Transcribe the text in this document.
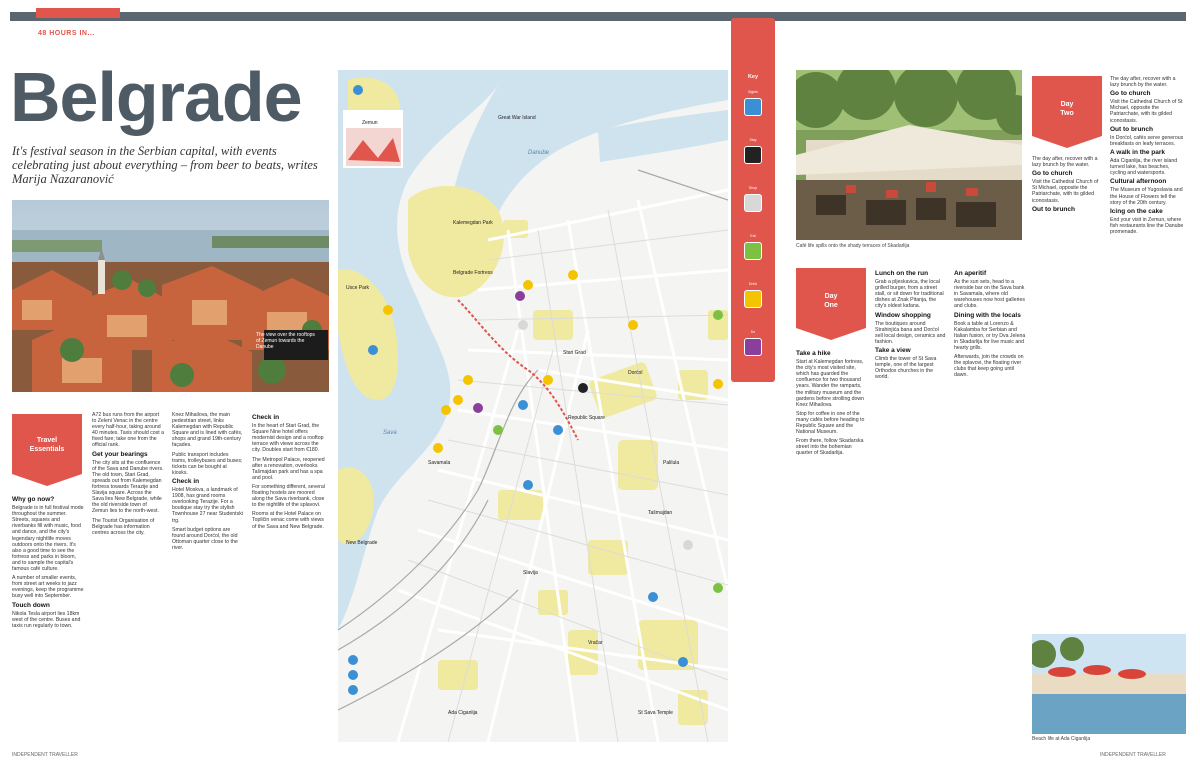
48 HOURS IN...
Belgrade
It's festival season in the Serbian capital, with events celebrating just about everything – from beer to beats, writes Marija Nazaranović
The view over the rooftops of Zemun towards the Danube
Travel
Essentials
Why go now?

Belgrade is in full festival mode throughout the summer. Streets, squares and riverbanks fill with music, food and dance, and the city's legendary nightlife moves outdoors onto the rivers. It's also a good time to see the fortress and parks in bloom, and to sample the capital's famous café culture.

A number of smaller events, from street art weeks to jazz evenings, keep the programme busy well into September.

Touch down

Nikola Tesla airport lies 18km west of the centre. Buses and taxis run regularly to town.

A72 bus runs from the airport to Zeleni Venac in the centre every half-hour, taking around 40 minutes. Taxis should cost a fixed fare; take one from the official rank.

Get your bearings

The city sits at the confluence of the Sava and Danube rivers. The old town, Stari Grad, spreads out from Kalemegdan fortress towards Terazije and Slavija square. Across the Sava lies New Belgrade, while the old riverside town of Zemun lies to the north-west.

The Tourist Organisation of Belgrade has information centres across the city.

Knez Mihailova, the main pedestrian street, links Kalemegdan with Republic Square and is lined with cafés, shops and grand 19th-century façades.

Public transport includes trams, trolleybuses and buses; tickets can be bought at kiosks.

Check in

Hotel Moskva, a landmark of 1908, has grand rooms overlooking Terazije. For a boutique stay try the stylish Townhouse 27 near Studentski trg.

Smart budget options are found around Dorćol, the old Ottoman quarter close to the river.

Check in

In the heart of Stari Grad, the Square Nine hotel offers modernist design and a rooftop terrace with views across the city. Doubles start from €180.

The Metropol Palace, reopened after a renovation, overlooks Tašmajdan park and has a spa and pool.

For something different, several floating hostels are moored along the Sava riverbank, close to the nightlife of the splavovi.

Rooms at the Hotel Palace on Topličin venac come with views of the Sava and New Belgrade.

Great War Island
Kalemegdan Park
Belgrade Fortress
Zemun
Usce Park
New Belgrade
Dorćol
Stari Grad
Republic Square
Savamala
Vračar
Palilula
Tašmajdan
Slavija
St Sava Temple
Sava
Danube
Ada Ciganlija
Key
Sights
Stay
Shop
Eat
Drink
Do
Café life spills onto the shady terraces of Skadarlija
Day
One
Day
Two
Take a hike

Start at Kalemegdan fortress, the city's most visited site, which has guarded the confluence for two thousand years. Wander the ramparts, the military museum and the gardens before strolling down Knez Mihailova.

Stop for coffee in one of the many cafés before heading to Republic Square and the National Museum.

From there, follow Skadarska street into the bohemian quarter of Skadarlija.

Lunch on the run

Grab a pljeskavica, the local grilled burger, from a street stall, or sit down for traditional dishes at Znak Pitanja, the city's oldest kafana.

Window shopping

The boutiques around Strahinjića bana and Dorćol sell local design, ceramics and fashion.

Take a view

Climb the tower of St Sava temple, one of the largest Orthodox churches in the world.

An aperitif

As the sun sets, head to a riverside bar on the Sava bank in Savamala, where old warehouses now host galleries and clubs.

Dining with the locals

Book a table at Lorenzo & Kakalamba for Serbian and Italian fusion, or try Dva Jelena in Skadarlija for live music and hearty grills.

Afterwards, join the crowds on the splavovi, the floating river clubs that keep going until dawn.

The day after, recover with a lazy brunch by the water.

Go to church

Visit the Cathedral Church of St Michael, opposite the Patriarchate, with its gilded iconostasis.

Out to brunch

In Dorćol, cafés serve generous breakfasts on leafy terraces.

A walk in the park

Ada Ciganlija, the river island turned lake, has beaches, cycling and watersports.

Cultural afternoon

The Museum of Yugoslavia and the House of Flowers tell the story of the 20th century.

Icing on the cake

End your visit in Zemun, where fish restaurants line the Danube promenade.

The day after, recover with a lazy brunch by the water.

Go to church

Visit the Cathedral Church of St Michael, opposite the Patriarchate, with its gilded iconostasis.

Out to brunch
Beach life at Ada Ciganlija
INDEPENDENT TRAVELLER	INDEPENDENT TRAVELLER
